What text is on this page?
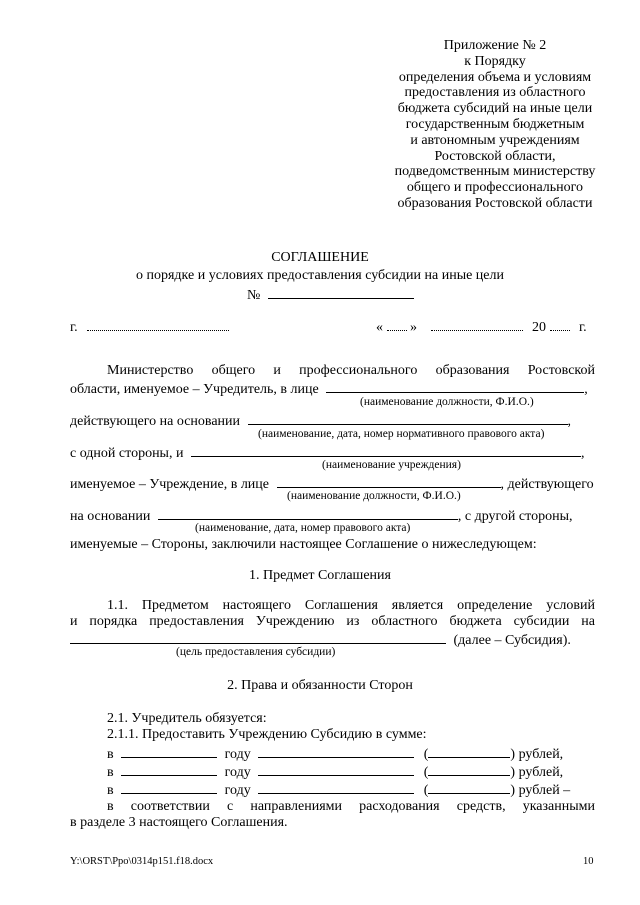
Приложение № 2
к Порядку
определения объема и условиям
предоставления из областного
бюджета субсидий на иные цели
государственным бюджетным
и автономным учреждениям
Ростовской области,
подведомственным министерству
общего и профессионального
образования Ростовской области
СОГЛАШЕНИЕ
о порядке и условиях предоставления субсидии на иные цели
№
г.	« »	20 г.
Министерство общего и профессионального образования Ростовской
области, именуемое – Учредитель, в лице	,
(наименование должности, Ф.И.О.)
действующего на основании	,
(наименование, дата, номер нормативного правового акта)
с одной стороны, и	,
(наименование учреждения)
именуемое – Учреждение, в лице	, действующего
(наименование должности, Ф.И.О.)
на основании	, с другой стороны,
(наименование, дата, номер правового акта)
именуемые – Стороны, заключили настоящее Соглашение о нижеследующем:
1. Предмет Соглашения
1.1. Предметом настоящего Соглашения является определение условий
и порядка предоставления Учреждению из областного бюджета субсидии на
(далее – Субсидия).
(цель предоставления субсидии)
2. Права и обязанности Сторон
2.1. Учредитель обязуется:
2.1.1. Предоставить Учреждению Субсидию в сумме:
в	году	(	) рублей,
в	году	(	) рублей,
в	году	(	) рублей –
в соответствии с направлениями расходования средств, указанными
в разделе 3 настоящего Соглашения.
Y:\ORST\Ppo\0314p151.f18.docx	10
